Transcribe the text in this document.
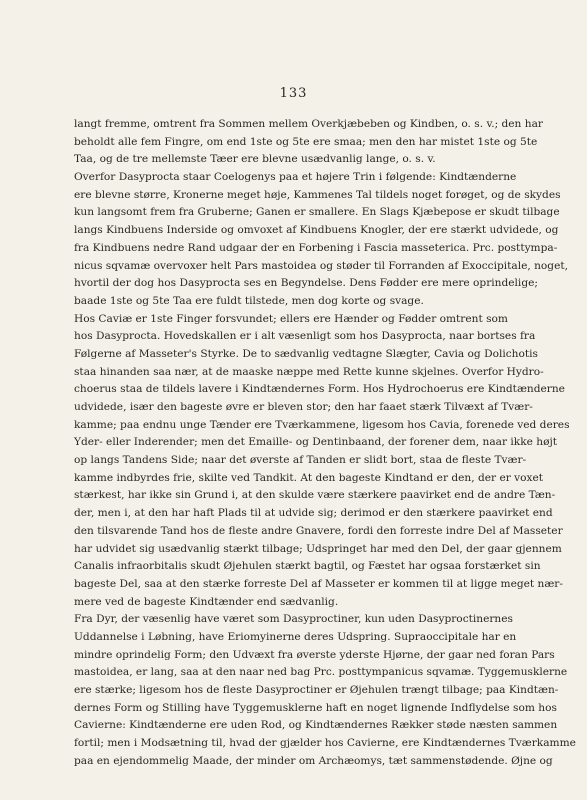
133
langt fremme, omtrent fra Sommen mellem Overkjæbeben og Kindben, o. s. v.; den har
beholdt alle fem Fingre, om end 1ste og 5te ere smaa; men den har mistet 1ste og 5te
Taa, og de tre mellemste Tæer ere blevne usædvanlig lange, o. s. v.
Overfor Dasyprocta staar Coelogenys paa et højere Trin i følgende: Kindtænderne
ere blevne større, Kronerne meget høje, Kammenes Tal tildels noget forøget, og de skydes
kun langsomt frem fra Gruberne; Ganen er smallere. En Slags Kjæbepose er skudt tilbage
langs Kindbuens Inderside og omvoxet af Kindbuens Knogler, der ere stærkt udvidede, og
fra Kindbuens nedre Rand udgaar der en Forbening i Fascia masseterica. Prc. posttympa-
nicus sqvamæ overvoxer helt Pars mastoidea og støder til Forranden af Exoccipitale, noget,
hvortil der dog hos Dasyprocta ses en Begyndelse. Dens Fødder ere mere oprindelige;
baade 1ste og 5te Taa ere fuldt tilstede, men dog korte og svage.
Hos Caviæ er 1ste Finger forsvundet; ellers ere Hænder og Fødder omtrent som
hos Dasyprocta. Hovedskallen er i alt væsenligt som hos Dasyprocta, naar bortses fra
Følgerne af Masseter's Styrke. De to sædvanlig vedtagne Slægter, Cavia og Dolichotis
staa hinanden saa nær, at de maaske næppe med Rette kunne skjelnes. Overfor Hydro-
choerus staa de tildels lavere i Kindtændernes Form. Hos Hydrochoerus ere Kindtænderne
udvidede, især den bageste øvre er bleven stor; den har faaet stærk Tilvæxt af Tvær-
kamme; paa endnu unge Tænder ere Tværkammene, ligesom hos Cavia, forenede ved deres
Yder- eller Inderender; men det Emaille- og Dentinbaand, der forener dem, naar ikke højt
op langs Tandens Side; naar det øverste af Tanden er slidt bort, staa de fleste Tvær-
kamme indbyrdes frie, skilte ved Tandkit. At den bageste Kindtand er den, der er voxet
stærkest, har ikke sin Grund i, at den skulde være stærkere paavirket end de andre Tæn-
der, men i, at den har haft Plads til at udvide sig; derimod er den stærkere paavirket end
den tilsvarende Tand hos de fleste andre Gnavere, fordi den forreste indre Del af Masseter
har udvidet sig usædvanlig stærkt tilbage; Udspringet har med den Del, der gaar gjennem
Canalis infraorbitalis skudt Øjehulen stærkt bagtil, og Fæstet har ogsaa forstærket sin
bageste Del, saa at den stærke forreste Del af Masseter er kommen til at ligge meget nær-
mere ved de bageste Kindtænder end sædvanlig.
Fra Dyr, der væsenlig have været som Dasyproctiner, kun uden Dasyproctinernes
Uddannelse i Løbning, have Eriomyinerne deres Udspring. Supraoccipitale har en
mindre oprindelig Form; den Udvæxt fra øverste yderste Hjørne, der gaar ned foran Pars
mastoidea, er lang, saa at den naar ned bag Prc. posttympanicus sqvamæ. Tyggemusklerne
ere stærke; ligesom hos de fleste Dasyproctiner er Øjehulen trængt tilbage; paa Kindtæn-
dernes Form og Stilling have Tyggemusklerne haft en noget lignende Indflydelse som hos
Cavierne: Kindtænderne ere uden Rod, og Kindtændernes Rækker støde næsten sammen
fortil; men i Modsætning til, hvad der gjælder hos Cavierne, ere Kindtændernes Tværkamme
paa en ejendommelig Maade, der minder om Archæomys, tæt sammenstødende. Øjne og
